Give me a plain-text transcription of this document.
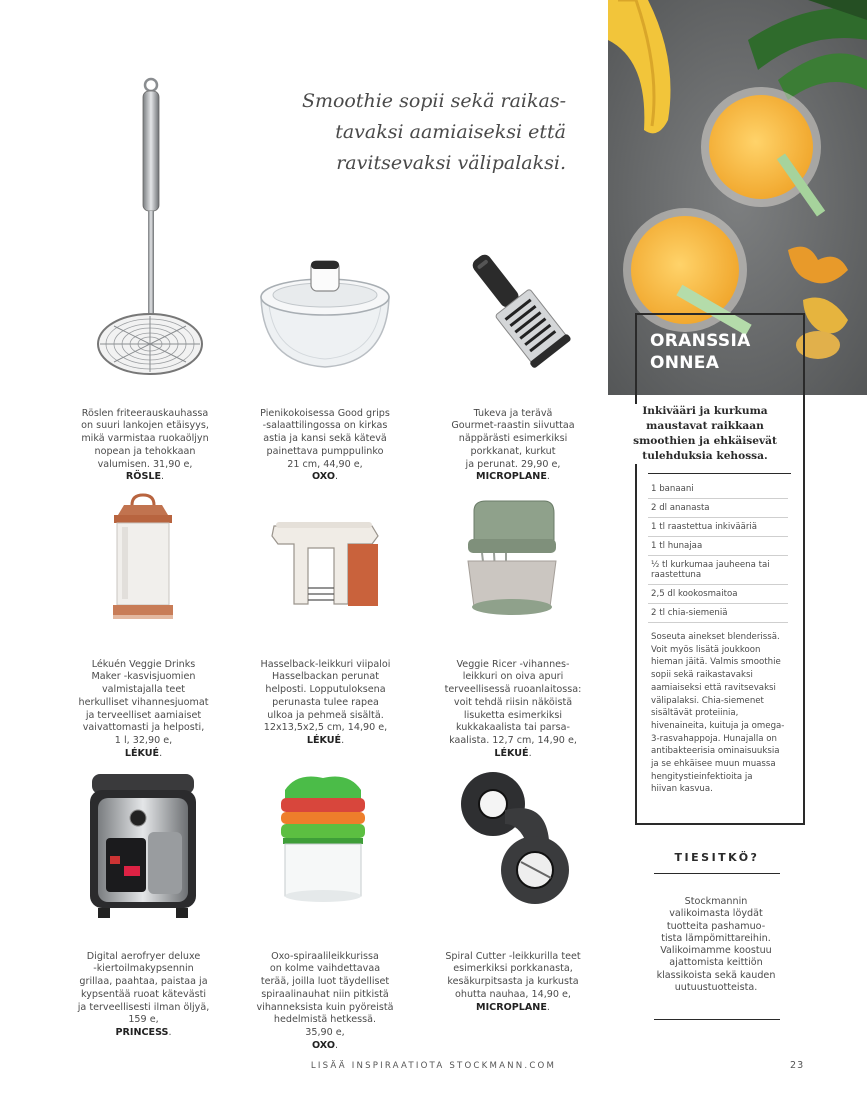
Smoothie sopii sekä raikas-
tavaksi aamiaiseksi että
ravitsevaksi välipalaksi.

Röslen friteerauskauhassa
on suuri lankojen etäisyys,
mikä varmistaa ruokaöljyn
nopean ja tehokkaan
valumisen. 31,90 e,
RÖSLE.

Pienikokoisessa Good grips
-salaattilingossa on kirkas
astia ja kansi sekä kätevä
painettava pumppulinko
21 cm, 44,90 e,
OXO.

Tukeva ja terävä
Gourmet-raastin siivuttaa
näppärästi esimerkiksi
porkkanat, kurkut
ja perunat. 29,90 e,
MICROPLANE.

Lékuén Veggie Drinks
Maker -kasvisjuomien
valmistajalla teet
herkulliset vihannesjuomat
ja terveelliset aamiaiset
vaivattomasti ja helposti,
1 l, 32,90 e,
LÉKUÉ.

Hasselback-leikkuri viipaloi
Hasselbackan perunat
helposti. Lopputuloksena
perunasta tulee rapea
ulkoa ja pehmeä sisältä.
12x13,5x2,5 cm, 14,90 e,
LÉKUÉ.

Veggie Ricer -vihannes-
leikkuri on oiva apuri
terveellisessä ruoanlaitossa:
voit tehdä riisin näköistä
lisuketta esimerkiksi
kukkakaalista tai parsa-
kaalista. 12,7 cm, 14,90 e,
LÉKUÉ.

Digital aerofryer deluxe
-kiertoilmakypsennin
grillaa, paahtaa, paistaa ja
kypsentää ruoat kätevästi
ja terveellisesti ilman öljyä,
159 e,
PRINCESS.

Oxo-spiraalileikkurissa
on kolme vaihdettavaa
terää, joilla luot täydelliset
spiraalinauhat niin pitkistä
vihanneksista kuin pyöreistä
hedelmistä hetkessä.
35,90 e,
OXO.

Spiral Cutter -leikkurilla teet
esimerkiksi porkkanasta,
kesäkurpitsasta ja kurkusta
ohutta nauhaa, 14,90 e,
MICROPLANE.

ORANSSIA
ONNEA
Inkivääri ja kurkuma maustavat raikkaan smoothien ja ehkäisevät tulehduksia kehossa.
1 banaani
2 dl ananasta
1 tl raastettua inkivääriä
1 tl hunajaa
½ tl kurkumaa jauheena tai raastettuna
2,5 dl kookosmaitoa
2 tl chia-siemeniä
Soseuta ainekset blenderissä.
Voit myös lisätä joukkoon
hieman jäitä. Valmis smoothie
sopii sekä raikastavaksi
aamiaiseksi että ravitsevaksi
välipalaksi. Chia-siemenet
sisältävät proteiinia,
hivenaineita, kuituja ja omega-
3-rasvahappoja. Hunajalla on
antibakteerisia ominaisuuksia
ja se ehkäisee muun muassa
hengitystieinfektioita ja
hiivan kasvua.
TIESITKÖ?
Stockmannin
valikoimasta löydät
tuotteita pashamuo-
tista lämpömittareihin.
Valikoimamme koostuu
ajattomista keittiön
klassikoista sekä kauden
uutuustuotteista.
LISÄÄ INSPIRAATIOTA STOCKMANN.COM	23
